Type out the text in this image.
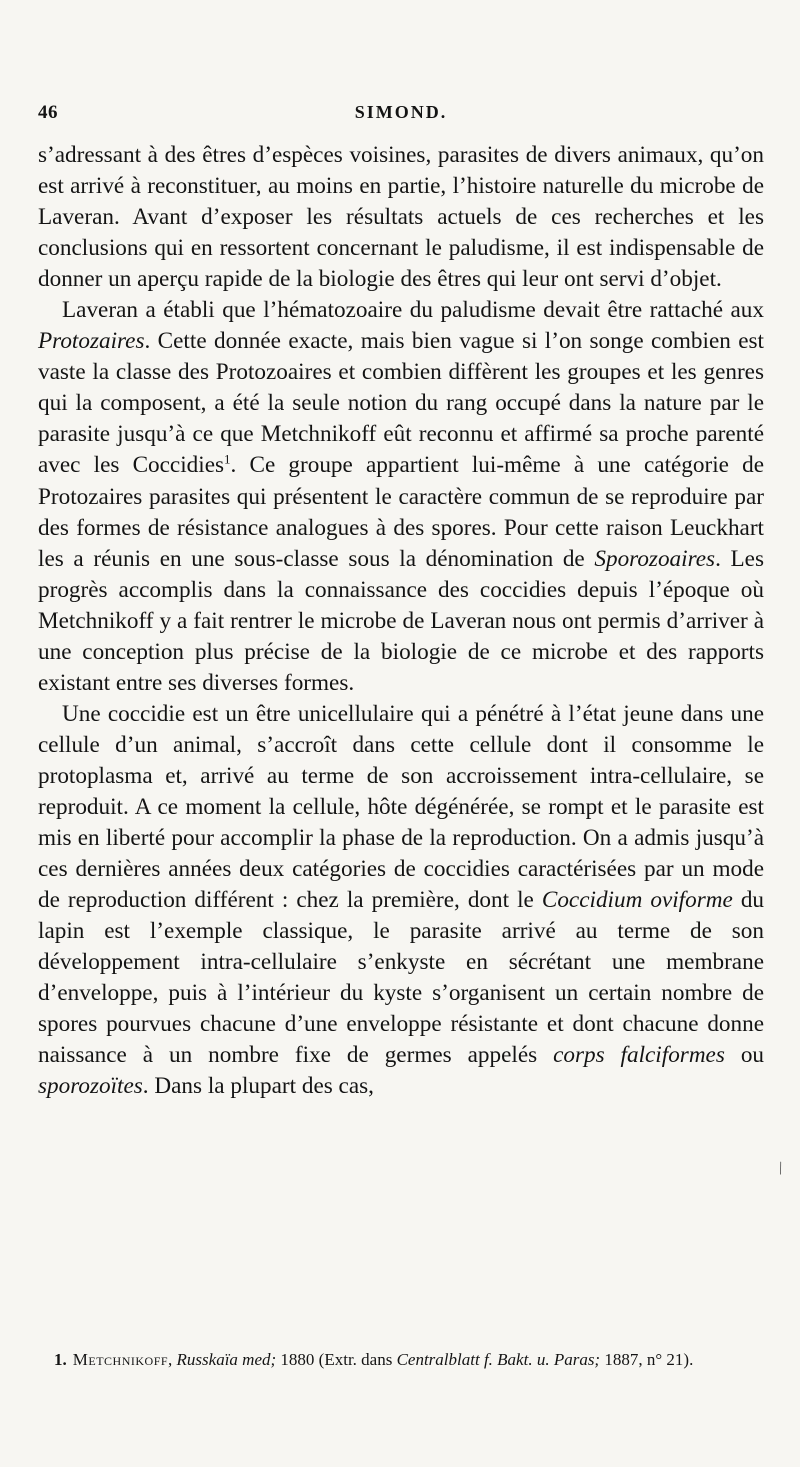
46	SIMOND.

s’adressant à des êtres d’espèces voisines, parasites de divers animaux, qu’on est arrivé à reconstituer, au moins en partie, l’histoire naturelle du microbe de Laveran. Avant d’exposer les résultats actuels de ces recherches et les conclusions qui en ressortent concernant le paludisme, il est indispensable de donner un aperçu rapide de la biologie des êtres qui leur ont servi d’objet.

Laveran a établi que l’hématozoaire du paludisme devait être rattaché aux Protozaires. Cette donnée exacte, mais bien vague si l’on songe combien est vaste la classe des Protozoaires et combien diffèrent les groupes et les genres qui la composent, a été la seule notion du rang occupé dans la nature par le parasite jusqu’à ce que Metchnikoff eût reconnu et affirmé sa proche parenté avec les Coccidies$^1$. Ce groupe appartient lui-même à une catégorie de Protozaires parasites qui présentent le caractère commun de se reproduire par des formes de résistance analogues à des spores. Pour cette raison Leuckhart les a réunis en une sous-classe sous la dénomination de Sporozoaires. Les progrès accomplis dans la connaissance des coccidies depuis l’époque où Metchnikoff y a fait rentrer le microbe de Laveran nous ont permis d’arriver à une conception plus précise de la biologie de ce microbe et des rapports existant entre ses diverses formes.

Une coccidie est un être unicellulaire qui a pénétré à l’état jeune dans une cellule d’un animal, s’accroît dans cette cellule dont il consomme le protoplasma et, arrivé au terme de son accroissement intra-cellulaire, se reproduit. A ce moment la cellule, hôte dégénérée, se rompt et le parasite est mis en liberté pour accomplir la phase de la reproduction. On a admis jusqu’à ces dernières années deux catégories de coccidies caractérisées par un mode de reproduction différent : chez la première, dont le Coccidium oviforme du lapin est l’exemple classique, le parasite arrivé au terme de son développement intra-cellulaire s’enkyste en sécrétant une membrane d’enveloppe, puis à l’intérieur du kyste s’organisent un certain nombre de spores pourvues chacune d’une enveloppe résistante et dont chacune donne naissance à un nombre fixe de germes appelés corps falciformes ou sporozoïtes. Dans la plupart des cas,

1. Metchnikoff, Russkaïa med; 1880 (Extr. dans Centralblatt f. Bakt. u. Paras; 1887, n° 21).
\
